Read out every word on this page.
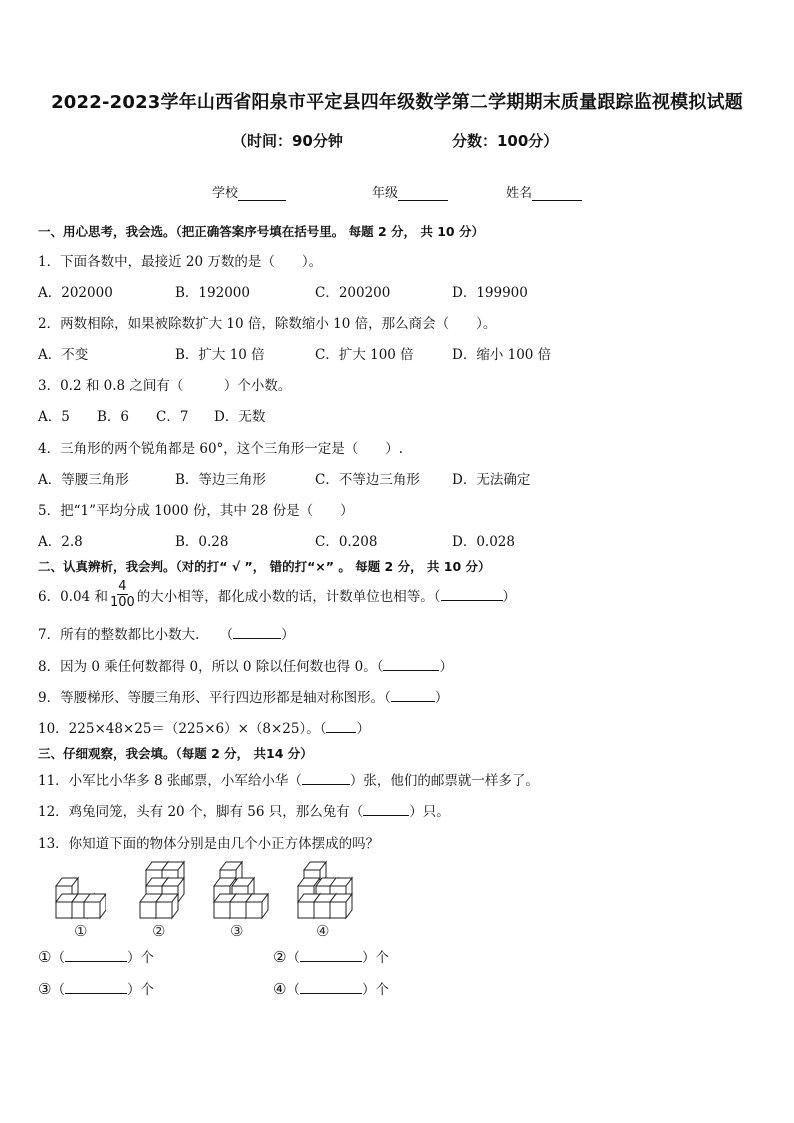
2022-2023学年山西省阳泉市平定县四年级数学第二学期期末质量跟踪监视模拟试题
（时间：90分钟	分数：100分）
学校	年级	姓名
一、用心思考，我会选。（把正确答案序号填在括号里。 每题 2 分， 共 10 分）
1．下面各数中，最接近 20 万数的是（　　）。
A．202000	B．192000	C．200200	D．199900
2．两数相除，如果被除数扩大 10 倍，除数缩小 10 倍，那么商会（　　）。
A．不变	B．扩大 10 倍	C．扩大 100 倍	D．缩小 100 倍
3．0.2 和 0.8 之间有（　　　）个小数。
A．5 B．6 C．7 D．无数
4．三角形的两个锐角都是 60°，这个三角形一定是（　　）.
A．等腰三角形	B．等边三角形	C．不等边三角形 D．无法确定
5．把“1”平均分成 1000 份，其中 28 份是（　　）
A．2.8	B．0.28	C．0.208	D．0.028
二、认真辨析，我会判。（对的打“ √ ”， 错的打“×” 。 每题 2 分， 共 10 分）
6．0.04 和 $\frac{4}{100}$ 的大小相等，都化成小数的话，计数单位也相等。（	）
7．所有的整数都比小数大.　　（	）
8．因为 0 乘任何数都得 0，所以 0 除以任何数也得 0。（	）
9．等腰梯形、等腰三角形、平行四边形都是轴对称图形。（	）
10．225×48×25＝（225×6）×（8×25）。（ ）
三、仔细观察，我会填。（每题 2 分， 共14 分）
11．小军比小华多 8 张邮票，小军给小华（	）张，他们的邮票就一样多了。
12．鸡兔同笼，头有 20 个，脚有 56 只，那么兔有（	）只。
13．你知道下面的物体分别是由几个小正方体摆成的吗？
①	②	③	④
①（	）个	②（	）个
③（	）个	④（	）个
